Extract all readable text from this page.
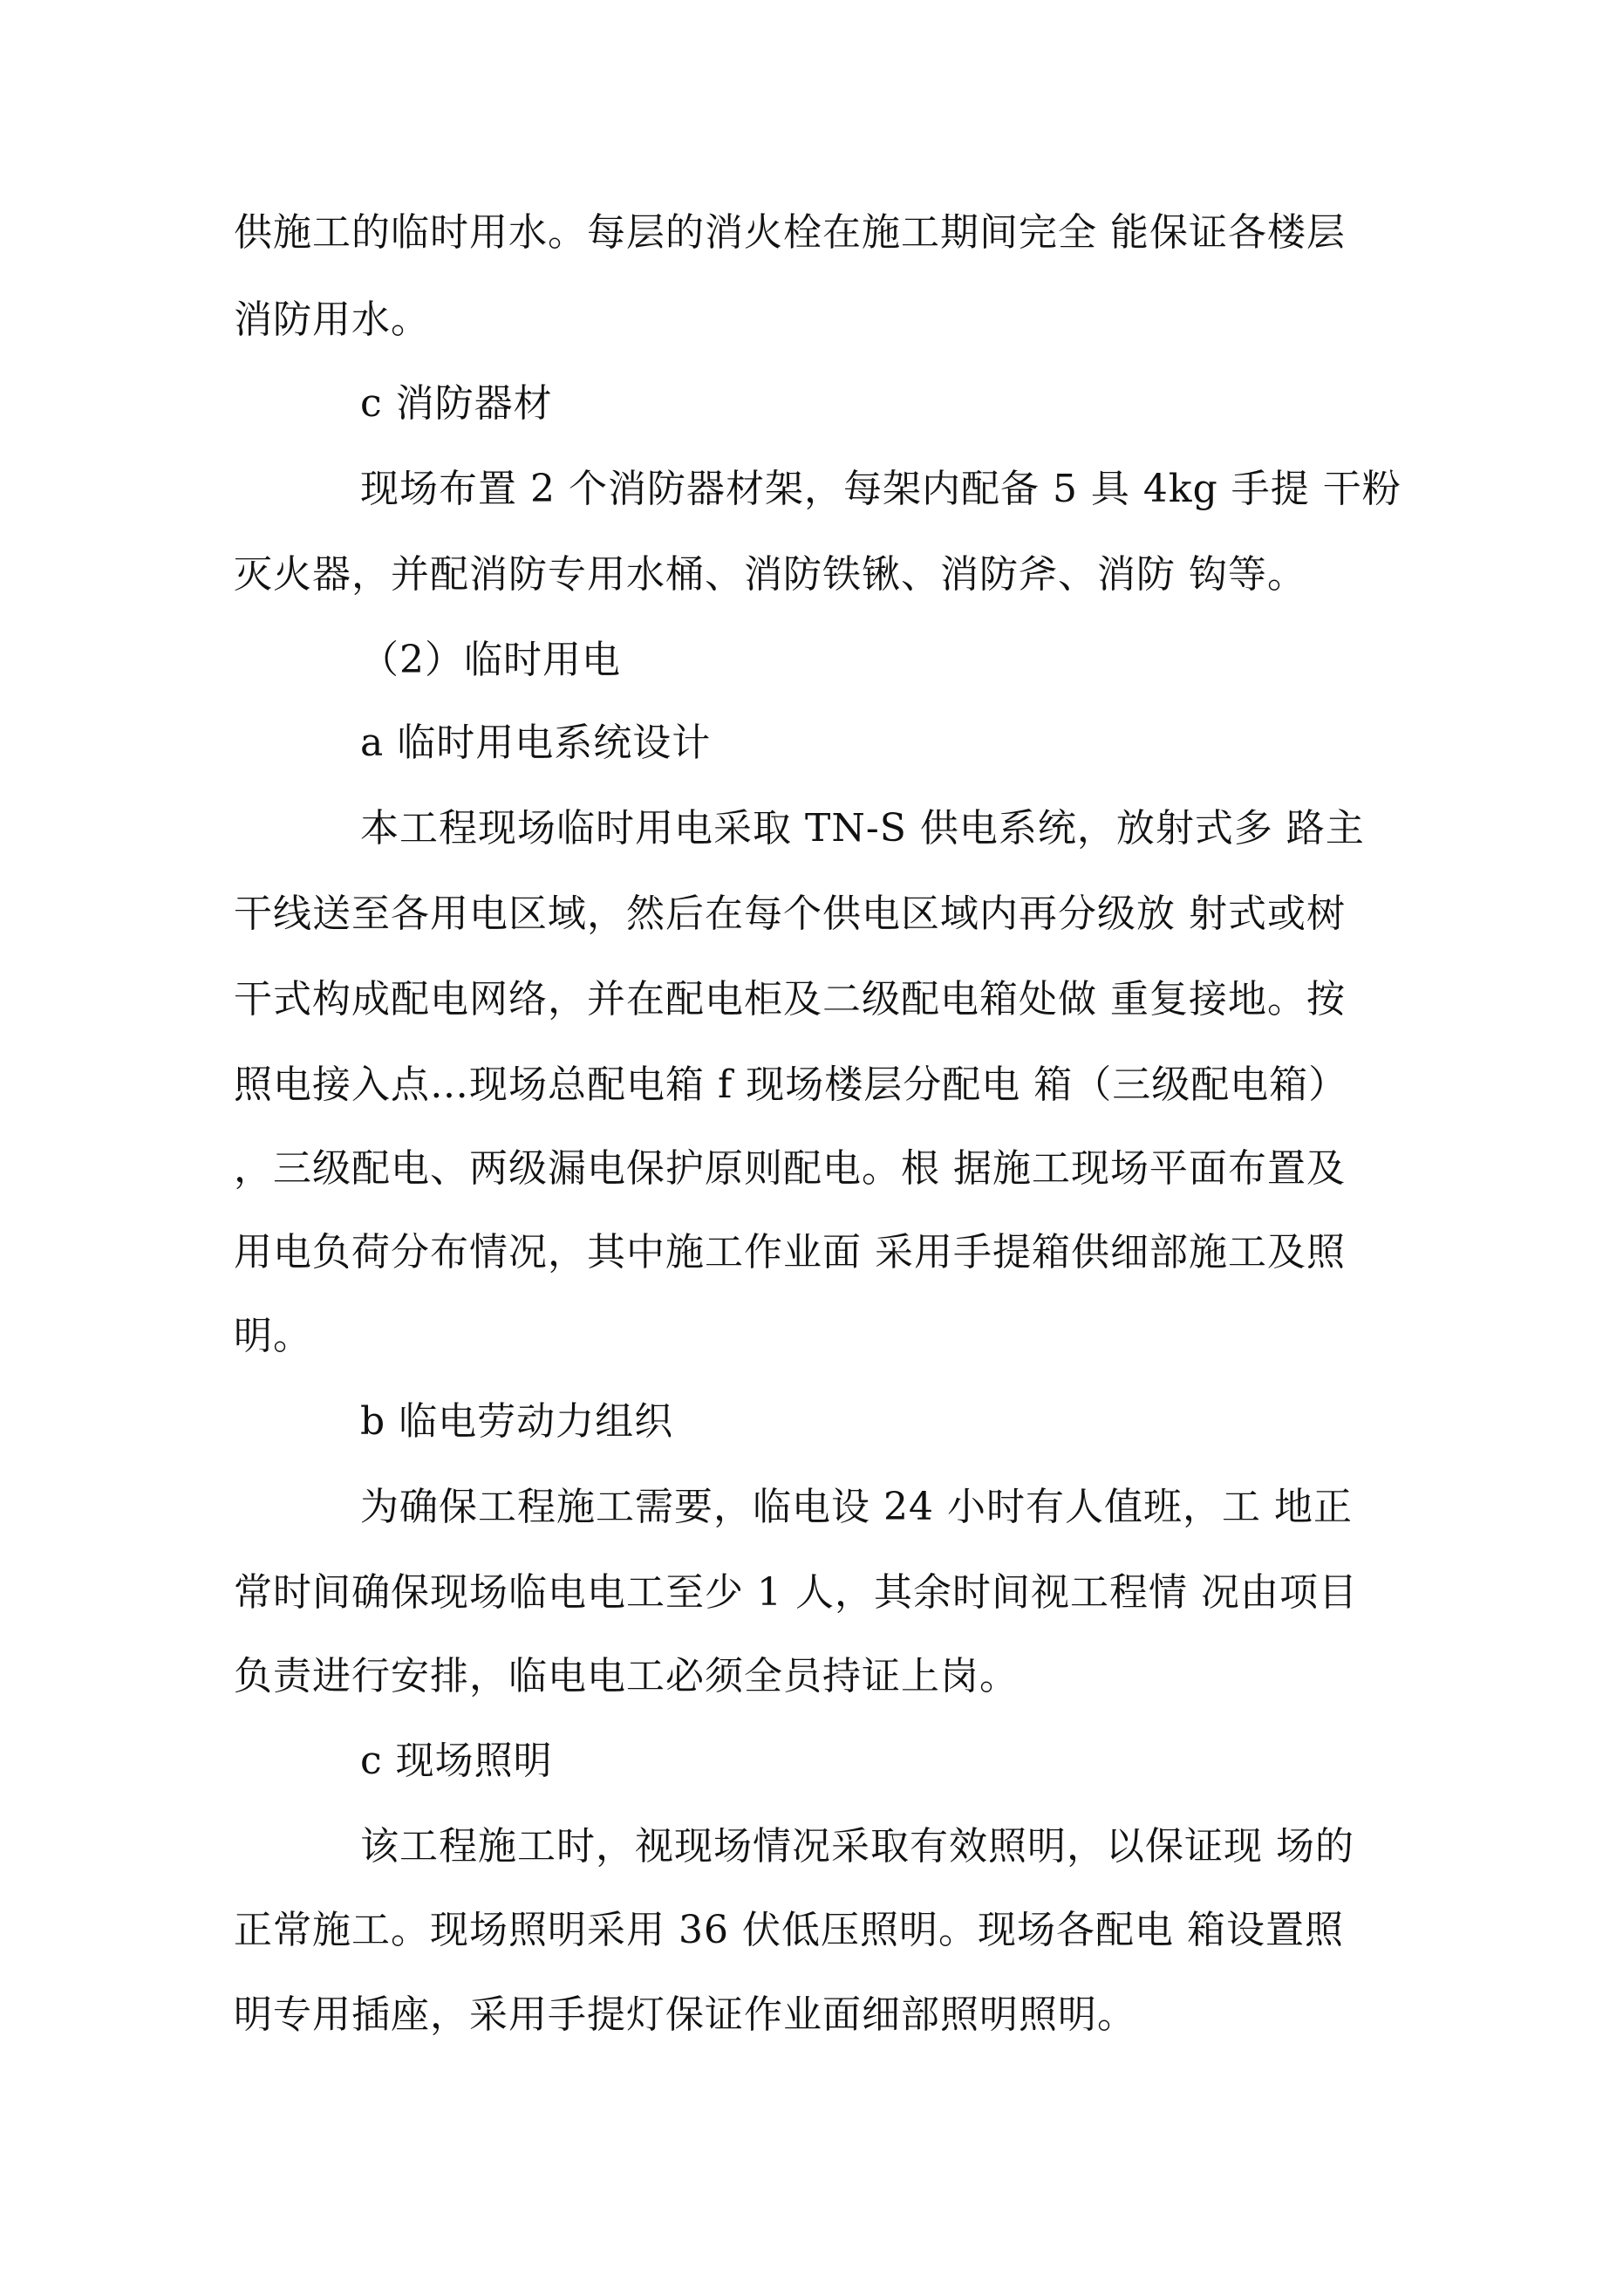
供施工的临时用水。每层的消火栓在施工期间完全 能保证各楼层
消防用水。
c 消防器材
现场布置 2 个消防器材架，每架内配备 5 具 4kg 手提 干粉
灭火器，并配消防专用水桶、消防铁锹、消防斧、消防 钩等。
（2）临时用电
a 临时用电系统设计
本工程现场临时用电采取 TN-S 供电系统，放射式多 路主
干线送至各用电区域，然后在每个供电区域内再分级放 射式或树
干式构成配电网络，并在配电柜及二级配电箱处做 重复接地。按
照电接入点…现场总配电箱 f 现场楼层分配电 箱（三级配电箱）
，三级配电、两级漏电保护原则配电。根 据施工现场平面布置及
用电负荷分布情况，其中施工作业面 采用手提箱供细部施工及照
明。
b 临电劳动力组织
为确保工程施工需要，临电设 24 小时有人值班，工 地正
常时间确保现场临电电工至少 1 人，其余时间视工程情 况由项目
负责进行安排，临电电工必须全员持证上岗。
c 现场照明
该工程施工时，视现场情况采取有效照明，以保证现 场的
正常施工。现场照明采用 36 伏低压照明。现场各配电 箱设置照
明专用插座，采用手提灯保证作业面细部照明照明。
